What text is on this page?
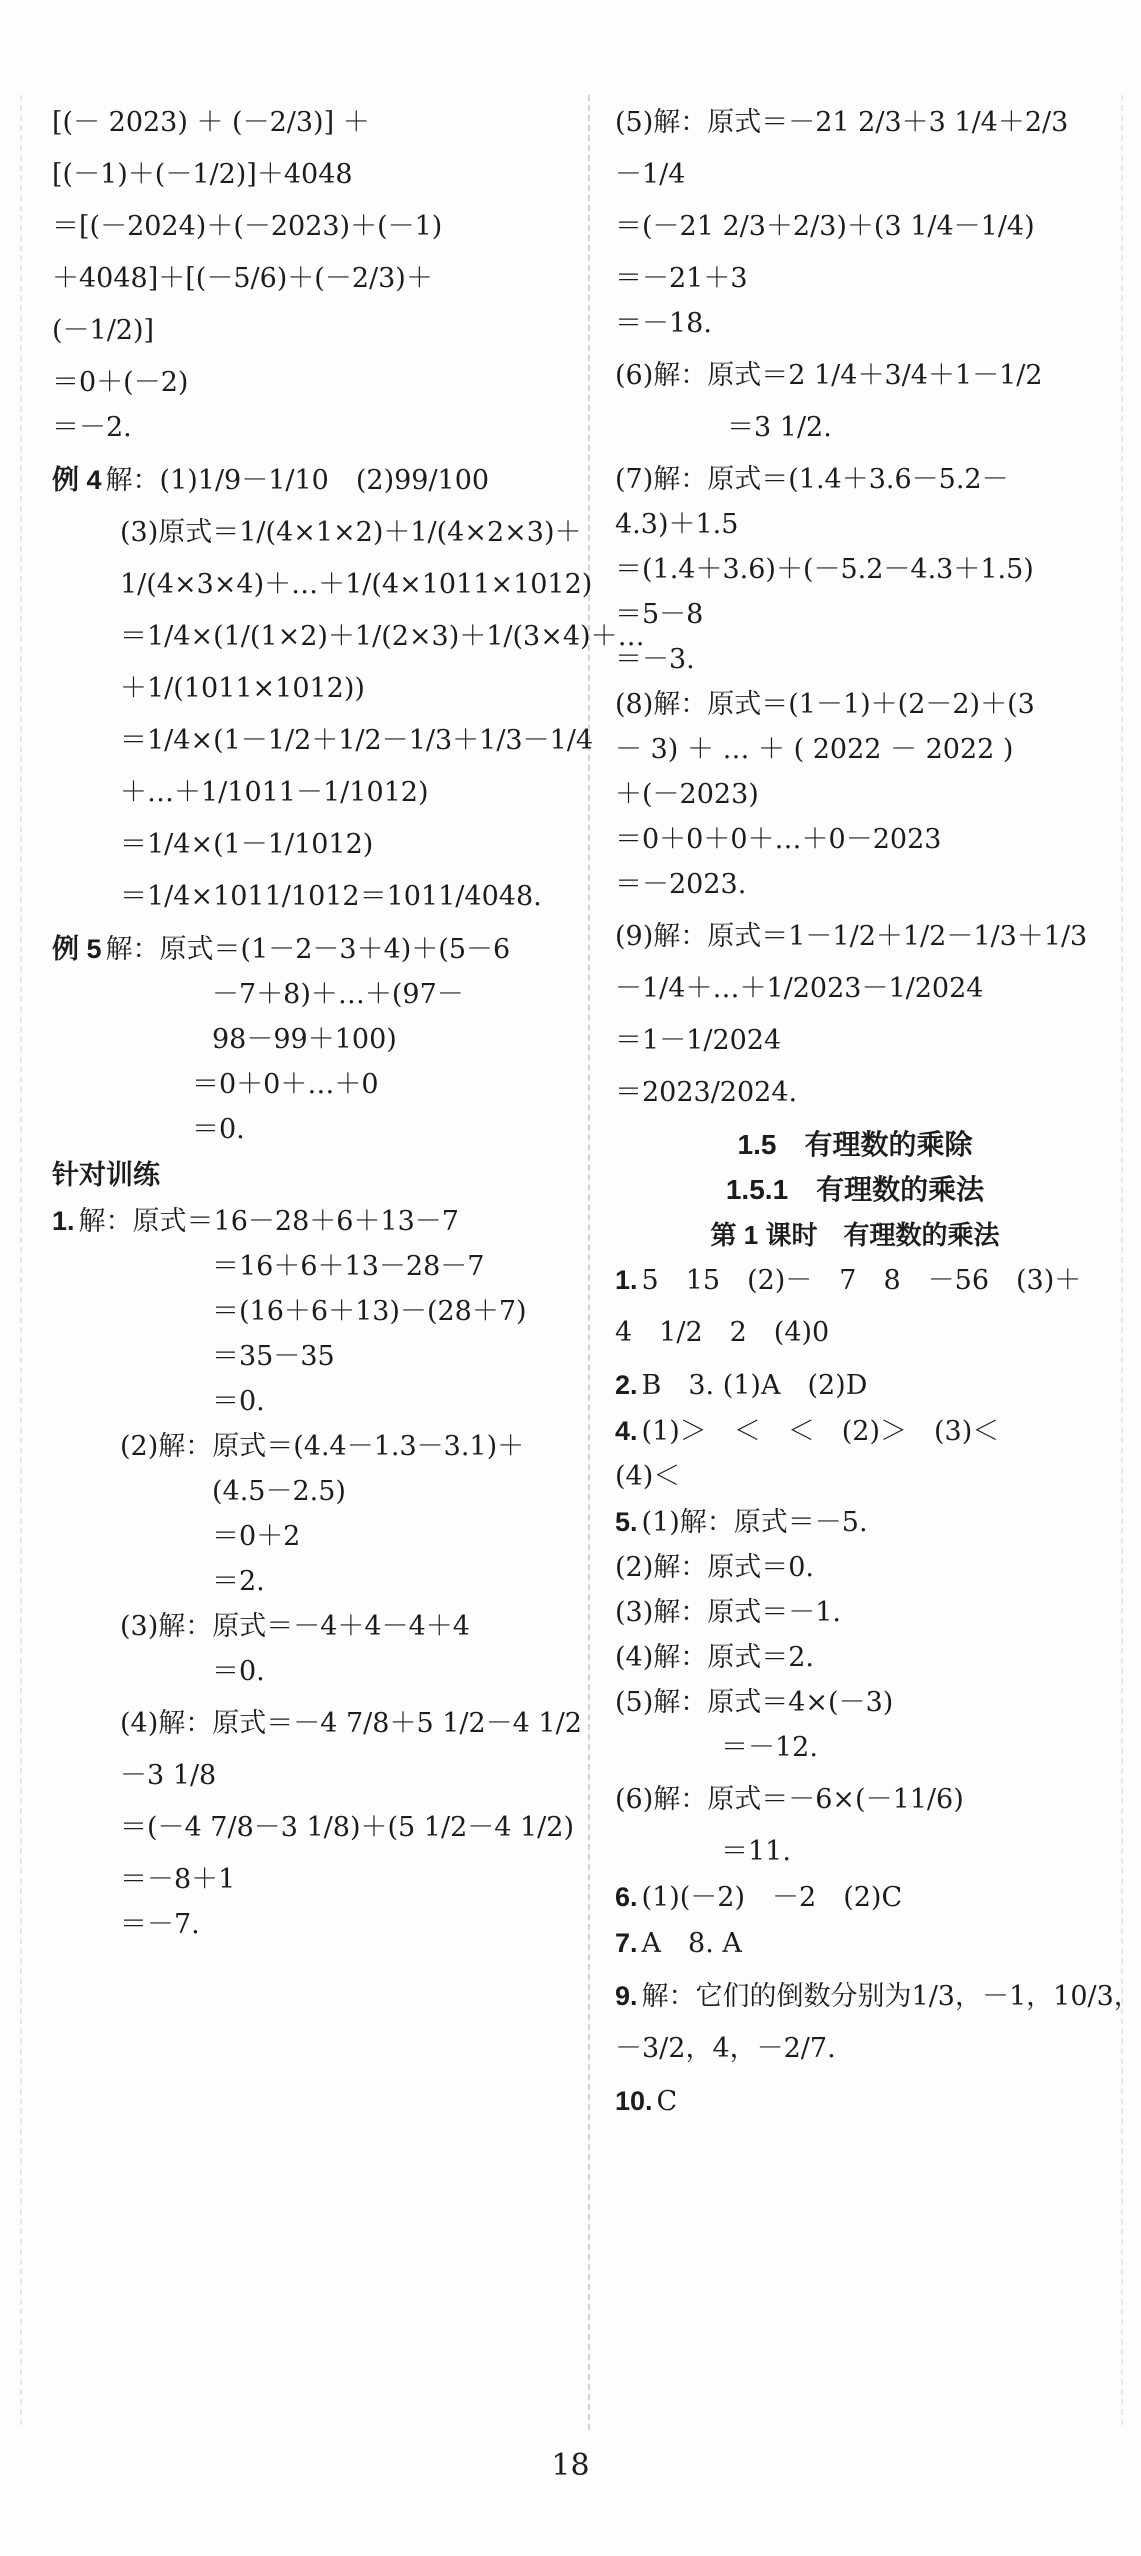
[(－ 2023) ＋ (－2/3)] ＋
[(－1)＋(－1/2)]＋4048
＝[(－2024)＋(－2023)＋(－1)
＋4048]＋[(－5/6)＋(－2/3)＋
(－1/2)]
＝0＋(－2)
＝－2.
例 4 解：(1)1/9－1/10　(2)99/100
(3)原式＝1/(4×1×2)＋1/(4×2×3)＋
1/(4×3×4)＋…＋1/(4×1011×1012)
＝1/4×(1/(1×2)＋1/(2×3)＋1/(3×4)＋…
＋1/(1011×1012))
＝1/4×(1－1/2＋1/2－1/3＋1/3－1/4
＋…＋1/1011－1/1012)
＝1/4×(1－1/1012)
＝1/4×1011/1012＝1011/4048.
例 5 解：原式＝(1－2－3＋4)＋(5－6
－7＋8)＋…＋(97－
98－99＋100)
＝0＋0＋…＋0
＝0.
针对训练
1. 解：原式＝16－28＋6＋13－7
＝16＋6＋13－28－7
＝(16＋6＋13)－(28＋7)
＝35－35
＝0.
(2)解：原式＝(4.4－1.3－3.1)＋
(4.5－2.5)
＝0＋2
＝2.
(3)解：原式＝－4＋4－4＋4
＝0.
(4)解：原式＝－4 7/8＋5 1/2－4 1/2
－3 1/8
＝(－4 7/8－3 1/8)＋(5 1/2－4 1/2)
＝－8＋1
＝－7.
(5)解：原式＝－21 2/3＋3 1/4＋2/3
－1/4
＝(－21 2/3＋2/3)＋(3 1/4－1/4)
＝－21＋3
＝－18.
(6)解：原式＝2 1/4＋3/4＋1－1/2
＝3 1/2.
(7)解：原式＝(1.4＋3.6－5.2－
4.3)＋1.5
＝(1.4＋3.6)＋(－5.2－4.3＋1.5)
＝5－8
＝－3.
(8)解：原式＝(1－1)＋(2－2)＋(3
－ 3) ＋ … ＋ ( 2022 － 2022 )
＋(－2023)
＝0＋0＋0＋…＋0－2023
＝－2023.
(9)解：原式＝1－1/2＋1/2－1/3＋1/3
－1/4＋…＋1/2023－1/2024
＝1－1/2024
＝2023/2024.
1.5　有理数的乘除
1.5.1　有理数的乘法
第 1 课时　有理数的乘法
1. 5　15　(2)－　7　8　－56　(3)＋
4　1/2　2　(4)0
2. B　3. (1)A　(2)D
4. (1)＞　＜　＜　(2)＞　(3)＜
(4)＜
5. (1)解：原式＝－5.
(2)解：原式＝0.
(3)解：原式＝－1.
(4)解：原式＝2.
(5)解：原式＝4×(－3)
＝－12.
(6)解：原式＝－6×(－11/6)
＝11.
6. (1)(－2)　－2　(2)C
7. A　8. A
9. 解：它们的倒数分别为1/3，－1，10/3，
－3/2，4，－2/7.
10. C
18
